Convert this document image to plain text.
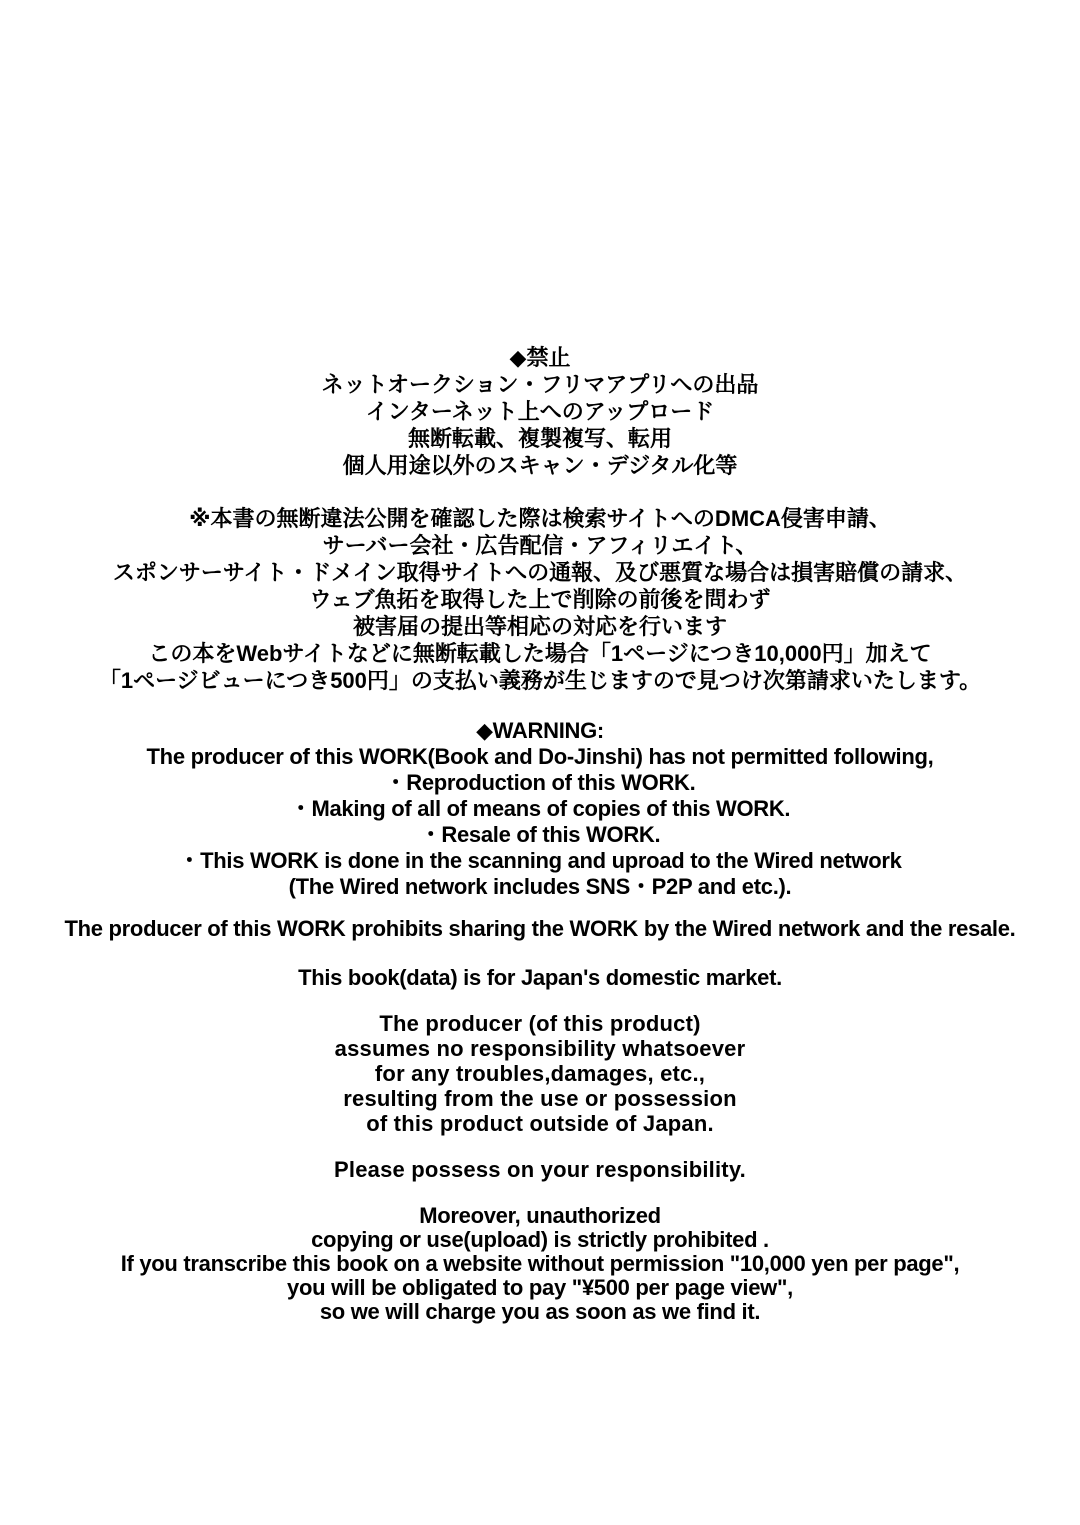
◆禁止
ネットオークション・フリマアプリへの出品
インターネット上へのアップロード
無断転載、複製複写、転用
個人用途以外のスキャン・デジタル化等
※本書の無断違法公開を確認した際は検索サイトへのDMCA侵害申請、
サーバー会社・広告配信・アフィリエイト、
スポンサーサイト・ドメイン取得サイトへの通報、及び悪質な場合は損害賠償の請求、
ウェブ魚拓を取得した上で削除の前後を問わず
被害届の提出等相応の対応を行います
この本をWebサイトなどに無断転載した場合「1ページにつき10,000円」加えて
「1ページビューにつき500円」の支払い義務が生じますので見つけ次第請求いたします。
◆WARNING:
The producer of this WORK(Book and Do-Jinshi) has not permitted following,
・Reproduction of this WORK.
・Making of all of means of copies of this WORK.
・Resale of this WORK.
・This WORK is done in the scanning and uproad to the Wired network
(The Wired network includes SNS・P2P and etc.).
The producer of this WORK prohibits sharing the WORK by the Wired network and the resale.
This book(data) is for Japan's domestic market.
The producer (of this product)
assumes no responsibility whatsoever
for any troubles,damages, etc.,
resulting from the use or possession
of this product outside of Japan.
Please possess on your responsibility.
Moreover, unauthorized
copying or use(upload) is strictly prohibited .
If you transcribe this book on a website without permission "10,000 yen per page",
you will be obligated to pay "¥500 per page view",
so we will charge you as soon as we find it.
